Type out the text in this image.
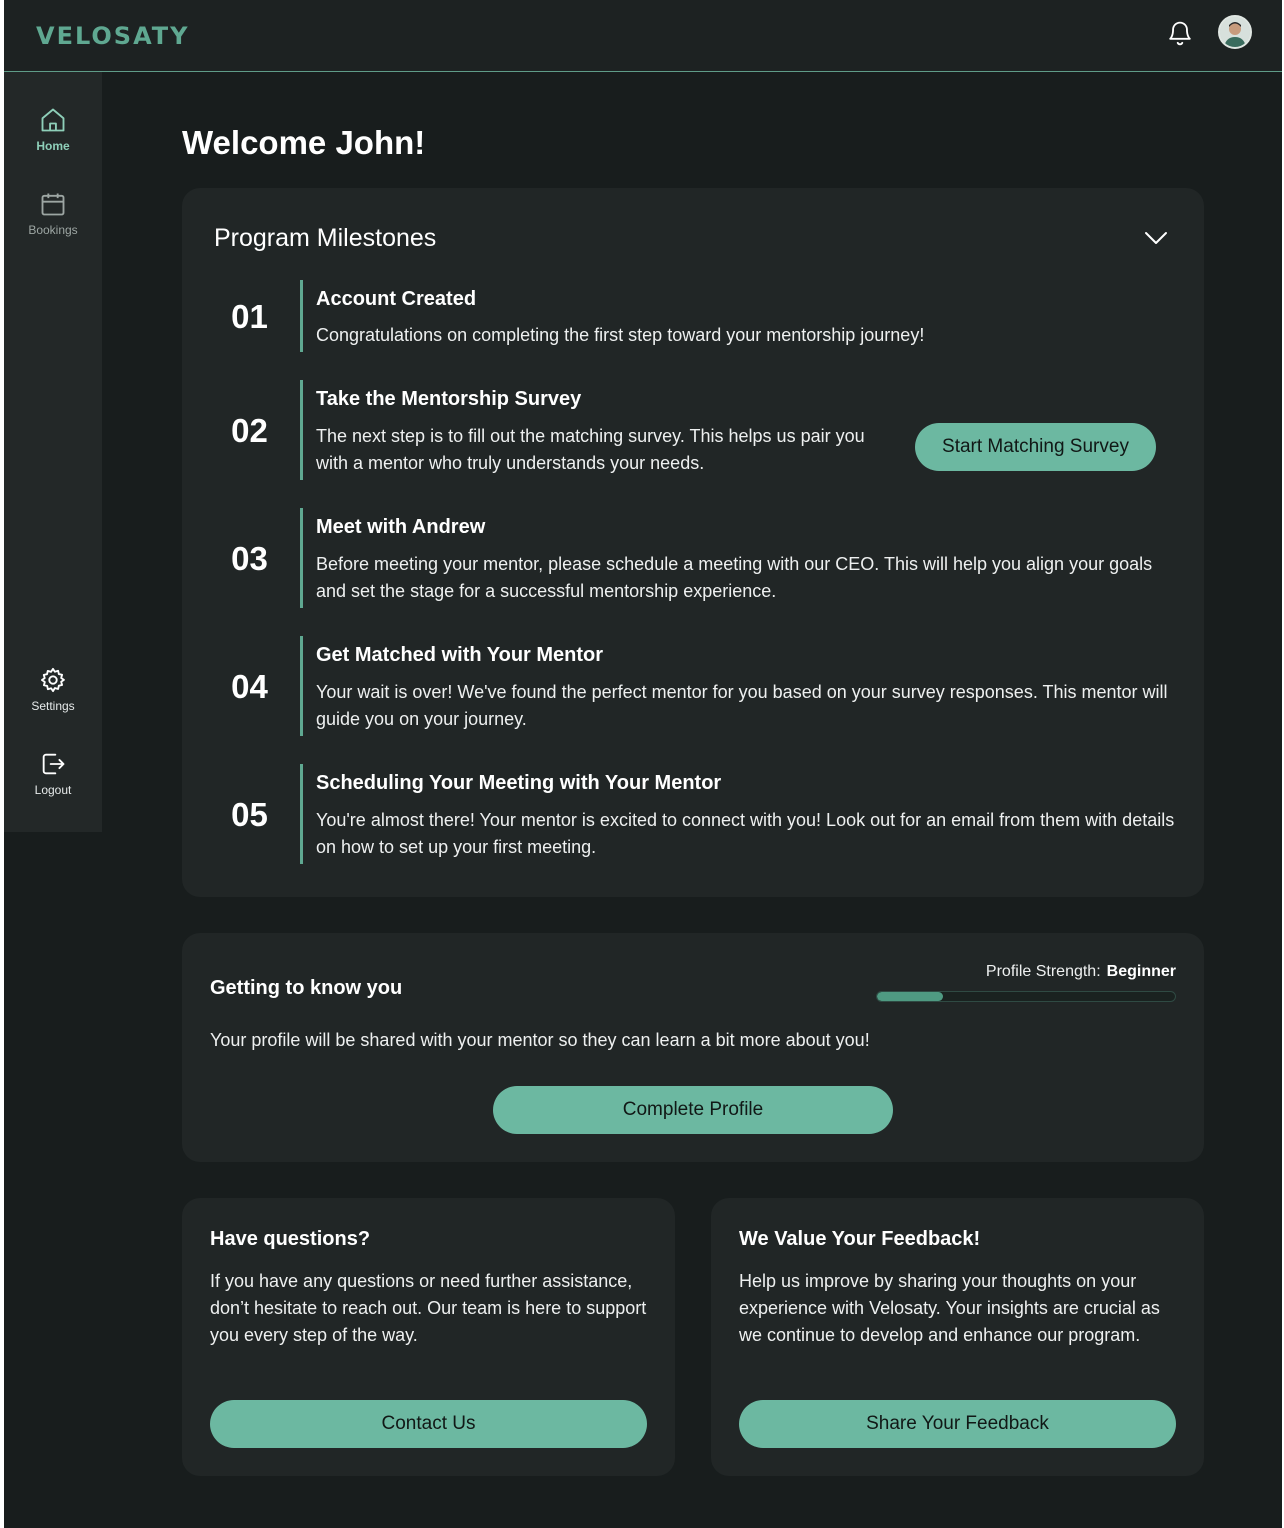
VELOSATY
Home
Bookings
Settings
Logout
Welcome John!
Program Milestones
01	Account Created
Congratulations on completing the first step toward your mentorship journey!
02
Take the Mentorship Survey
The next step is to fill out the matching survey. This helps us pair you with a mentor who truly understands your needs.
Start Matching Survey
03
Meet with Andrew
Before meeting your mentor, please schedule a meeting with our CEO. This will help you align your goals and set the stage for a successful mentorship experience.
04
Get Matched with Your Mentor
Your wait is over! We've found the perfect mentor for you based on your survey responses. This mentor will guide you on your journey.
05
Scheduling Your Meeting with Your Mentor
You're almost there! Your mentor is excited to connect with you! Look out for an email from them with details on how to set up your first meeting.
Getting to know you
Profile Strength: Beginner
Your profile will be shared with your mentor so they can learn a bit more about you!
Complete Profile
Have questions?
If you have any questions or need further assistance, don’t hesitate to reach out. Our team is here to support you every step of the way.
Contact Us
We Value Your Feedback!
Help us improve by sharing your thoughts on your experience with Velosaty. Your insights are crucial as we continue to develop and enhance our program.
Share Your Feedback
